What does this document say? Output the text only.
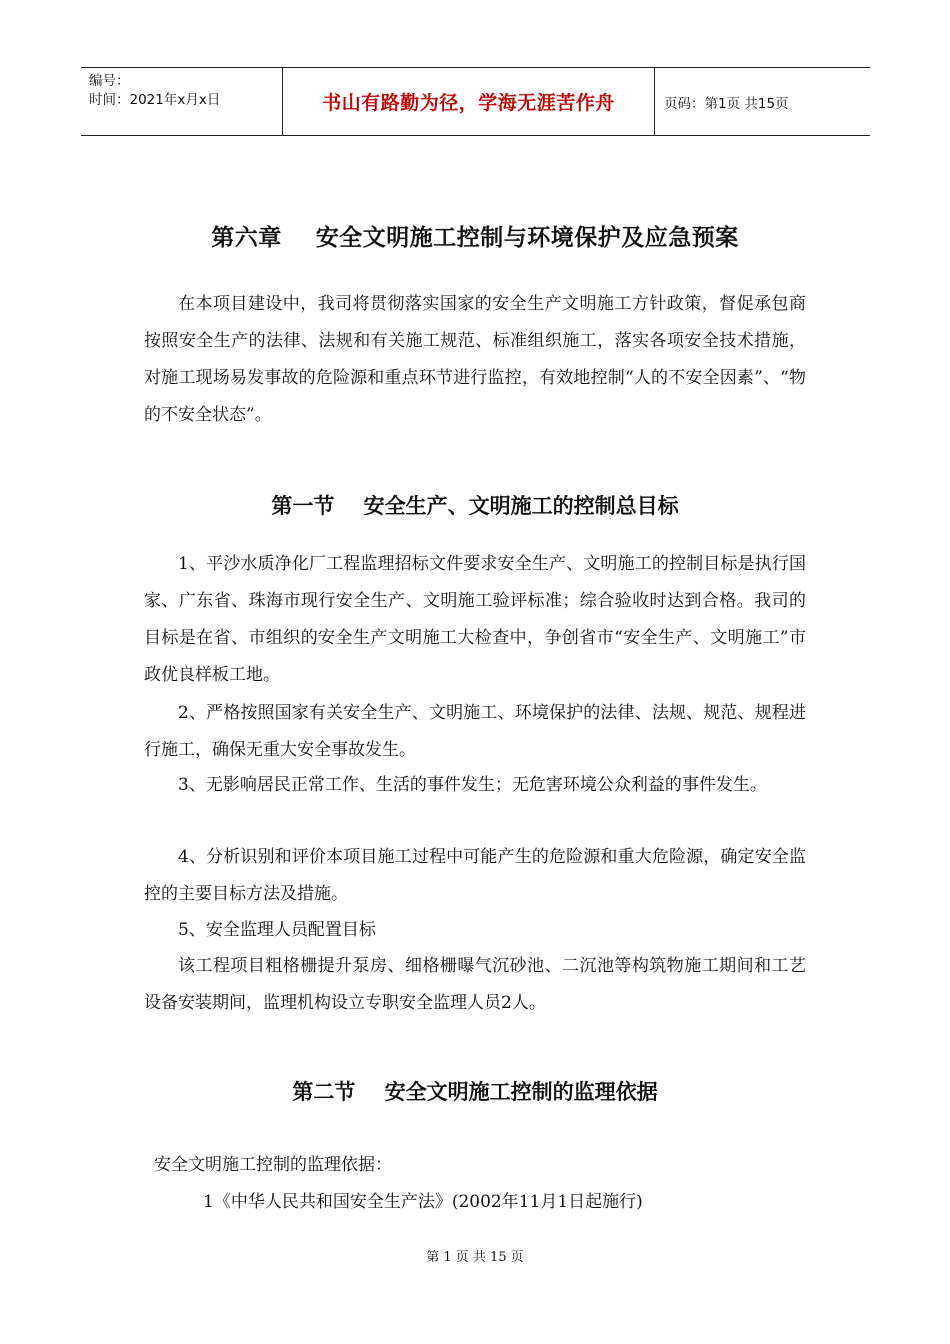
编号：
时间：2021年x月x日	书山有路勤为径，学海无涯苦作舟	页码：第1页 共15页
第六章    安全文明施工控制与环境保护及应急预案

在本项目建设中，我司将贯彻落实国家的安全生产文明施工方针政策，督促承包商按照安全生产的法律、法规和有关施工规范、标准组织施工，落实各项安全技术措施，对施工现场易发事故的危险源和重点环节进行监控，有效地控制“人的不安全因素”、“物的不安全状态”。

第一节    安全生产、文明施工的控制总目标

1、平沙水质净化厂工程监理招标文件要求安全生产、文明施工的控制目标是执行国家、广东省、珠海市现行安全生产、文明施工验评标准；综合验收时达到合格。我司的目标是在省、市组织的安全生产文明施工大检查中，争创省市“安全生产、文明施工”市政优良样板工地。

2、严格按照国家有关安全生产、文明施工、环境保护的法律、法规、规范、规程进行施工，确保无重大安全事故发生。

3、无影响居民正常工作、生活的事件发生；无危害环境公众利益的事件发生。

4、分析识别和评价本项目施工过程中可能产生的危险源和重大危险源，确定安全监控的主要目标方法及措施。

5、安全监理人员配置目标

该工程项目粗格栅提升泵房、细格栅曝气沉砂池、二沉池等构筑物施工期间和工艺设备安装期间，监理机构设立专职安全监理人员2人。

第二节    安全文明施工控制的监理依据
安全文明施工控制的监理依据：
1《中华人民共和国安全生产法》(2002年11月1日起施行)
第 1 页 共 15 页
